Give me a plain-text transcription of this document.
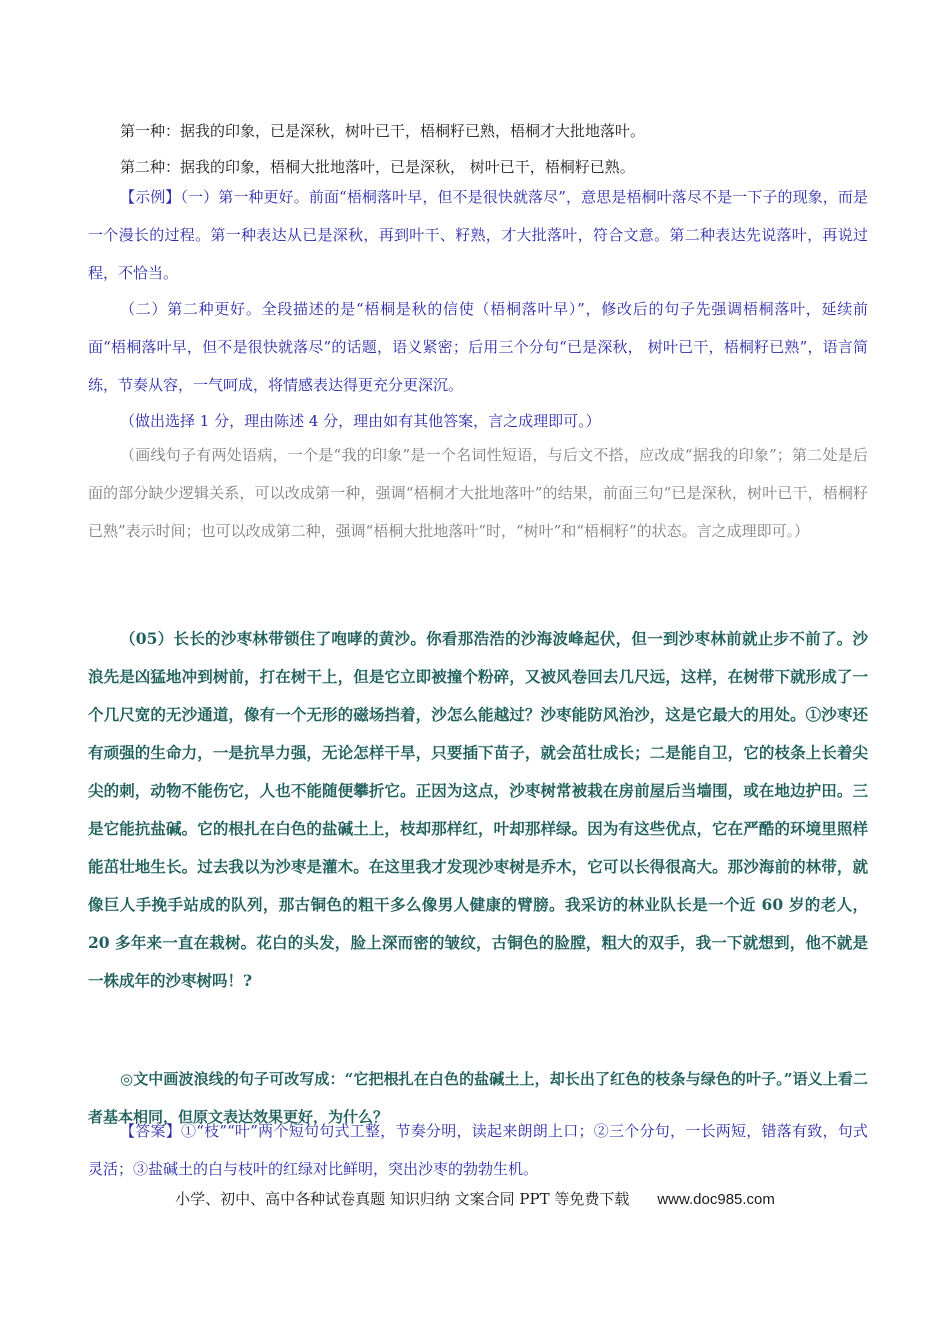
第一种：据我的印象，已是深秋，树叶已干，梧桐籽已熟，梧桐才大批地落叶。

第二种：据我的印象，梧桐大批地落叶，已是深秋， 树叶已干，梧桐籽已熟。

【示例】（一）第一种更好。前面“梧桐落叶早，但不是很快就落尽”，意思是梧桐叶落尽不是一下子的现象，而是一个漫长的过程。第一种表达从已是深秋，再到叶干、籽熟，才大批落叶，符合文意。第二种表达先说落叶，再说过程，不恰当。

（二）第二种更好。全段描述的是“梧桐是秋的信使（梧桐落叶早）”，修改后的句子先强调梧桐落叶，延续前面“梧桐落叶早，但不是很快就落尽”的话题，语义紧密；后用三个分句“已是深秋， 树叶已干，梧桐籽已熟”，语言简练，节奏从容，一气呵成，将情感表达得更充分更深沉。

（做出选择 1 分，理由陈述 4 分，理由如有其他答案，言之成理即可。）

（画线句子有两处语病，一个是“我的印象”是一个名词性短语，与后文不搭，应改成“据我的印象”；第二处是后面的部分缺少逻辑关系，可以改成第一种，强调“梧桐才大批地落叶”的结果，前面三句“已是深秋，树叶已干，梧桐籽已熟”表示时间；也可以改成第二种，强调“梧桐大批地落叶”时，“树叶”和“梧桐籽”的状态。言之成理即可。）

（05）长长的沙枣林带锁住了咆哮的黄沙。你看那浩浩的沙海波峰起伏，但一到沙枣林前就止步不前了。沙浪先是凶猛地冲到树前，打在树干上，但是它立即被撞个粉碎，又被风卷回去几尺远，这样，在树带下就形成了一个几尺宽的无沙通道，像有一个无形的磁场挡着，沙怎么能越过？沙枣能防风治沙，这是它最大的用处。①沙枣还有顽强的生命力，一是抗旱力强，无论怎样干旱，只要插下苗子，就会茁壮成长；二是能自卫，它的枝条上长着尖尖的刺，动物不能伤它，人也不能随便攀折它。正因为这点，沙枣树常被栽在房前屋后当墙围，或在地边护田。三是它能抗盐碱。它的根扎在白色的盐碱土上，枝却那样红，叶却那样绿。因为有这些优点，它在严酷的环境里照样能茁壮地生长。过去我以为沙枣是灌木。在这里我才发现沙枣树是乔木，它可以长得很高大。那沙海前的林带，就像巨人手挽手站成的队列，那古铜色的粗干多么像男人健康的臂膀。我采访的林业队长是一个近 60 岁的老人，20 多年来一直在栽树。花白的头发，脸上深而密的皱纹，古铜色的脸膛，粗大的双手，我一下就想到，他不就是一株成年的沙枣树吗！?

◎文中画波浪线的句子可改写成：“它把根扎在白色的盐碱土上，却长出了红色的枝条与绿色的叶子。”语义上看二者基本相同，但原文表达效果更好，为什么？

【答案】①“枝”“叶”两个短句句式工整，节奏分明，读起来朗朗上口；②三个分句，一长两短，错落有致，句式灵活；③盐碱土的白与枝叶的红绿对比鲜明，突出沙枣的勃勃生机。

小学、初中、高中各种试卷真题 知识归纳 文案合同 PPT 等免费下载 www.doc985.com
